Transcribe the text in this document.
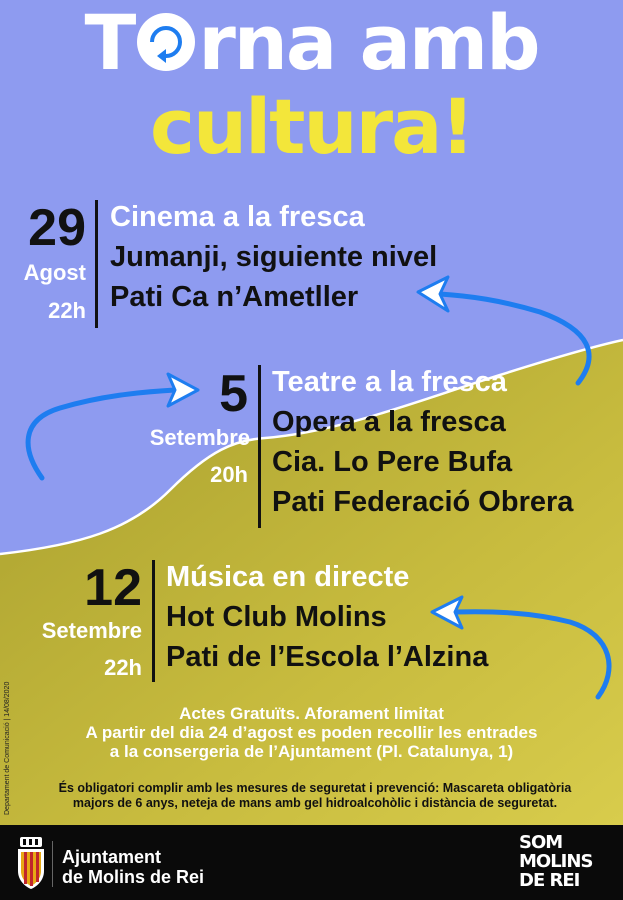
T rna amb
cultura!
29
Agost
22h
Cinema a la fresca
Jumanji, siguiente nivel
Pati Ca n’Ametller
5
Setembre
20h
Teatre a la fresca
Opera a la fresca
Cia. Lo Pere Bufa
Pati Federació Obrera
12
Setembre
22h
Música en directe
Hot Club Molins
Pati de l’Escola l’Alzina
Actes Gratuïts. Aforament limitat
A partir del dia 24 d’agost es poden recollir les entrades
a la consergeria de l’Ajuntament (Pl. Catalunya, 1)
És obligatori complir amb les mesures de seguretat i prevenció: Mascareta obligatòria
majors de 6 anys, neteja de mans amb gel hidroalcohòlic i distància de seguretat.
Departament de Comunicació | 14/08/2020
Ajuntament
de Molins de Rei
SOM
MOLINS
DE REI
